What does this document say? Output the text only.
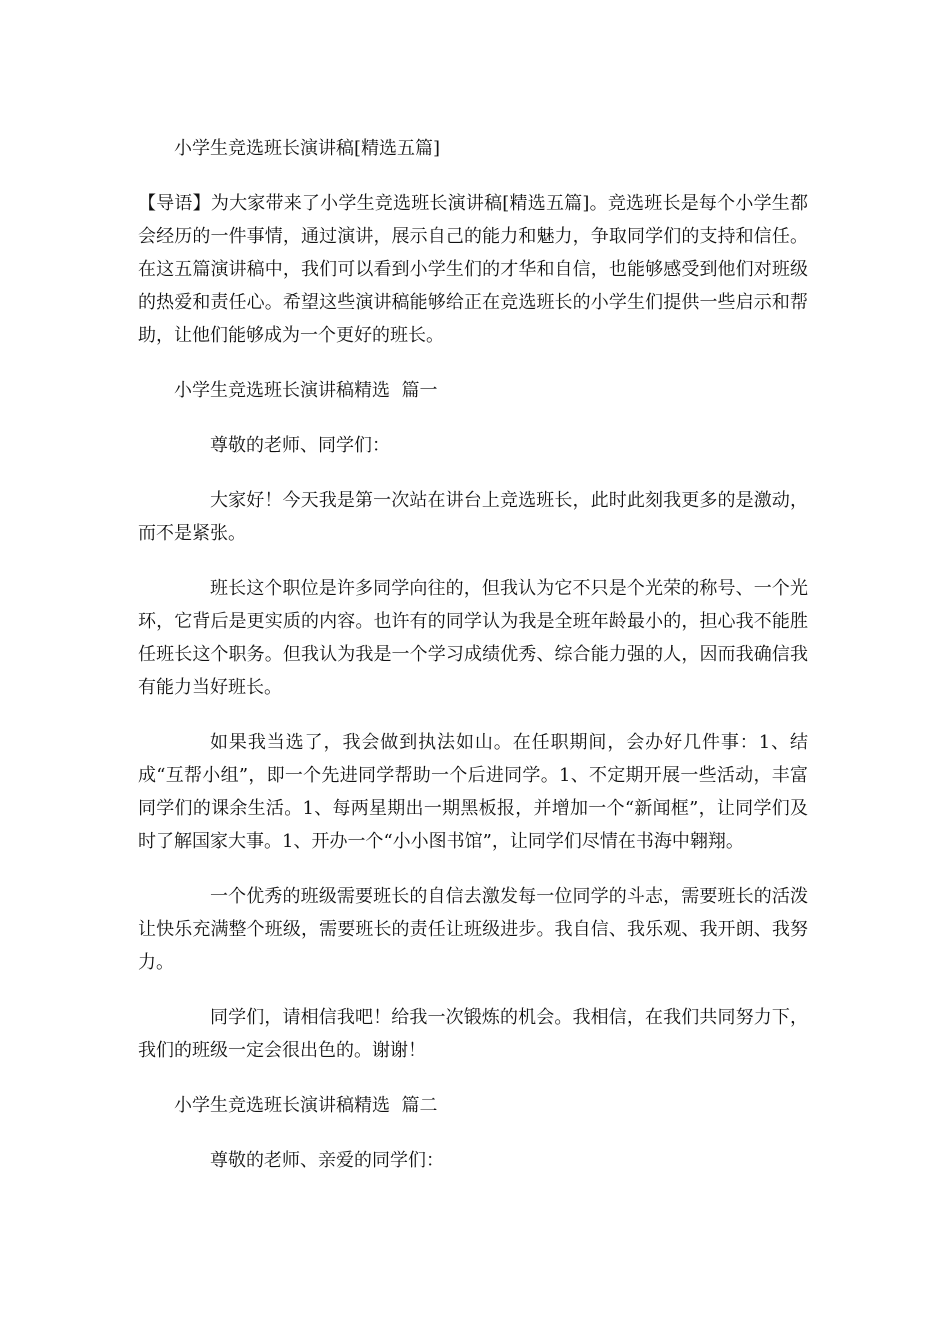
小学生竞选班长演讲稿[精选五篇]

【导语】为大家带来了小学生竞选班长演讲稿[精选五篇]。竞选班长是每个小学生都会经历的一件事情，通过演讲，展示自己的能力和魅力，争取同学们的支持和信任。在这五篇演讲稿中，我们可以看到小学生们的才华和自信，也能够感受到他们对班级的热爱和责任心。希望这些演讲稿能够给正在竞选班长的小学生们提供一些启示和帮助，让他们能够成为一个更好的班长。

小学生竞选班长演讲稿精选  篇一

尊敬的老师、同学们：

大家好！今天我是第一次站在讲台上竞选班长，此时此刻我更多的是激动，而不是紧张。

班长这个职位是许多同学向往的，但我认为它不只是个光荣的称号、一个光环，它背后是更实质的内容。也许有的同学认为我是全班年龄最小的，担心我不能胜任班长这个职务。但我认为我是一个学习成绩优秀、综合能力强的人，因而我确信我有能力当好班长。

如果我当选了，我会做到执法如山。在任职期间，会办好几件事：1、结成“互帮小组”，即一个先进同学帮助一个后进同学。1、不定期开展一些活动，丰富同学们的课余生活。1、每两星期出一期黑板报，并增加一个“新闻框”，让同学们及时了解国家大事。1、开办一个“小小图书馆”，让同学们尽情在书海中翱翔。

一个优秀的班级需要班长的自信去激发每一位同学的斗志，需要班长的活泼让快乐充满整个班级，需要班长的责任让班级进步。我自信、我乐观、我开朗、我努力。

同学们，请相信我吧！给我一次锻炼的机会。我相信，在我们共同努力下，我们的班级一定会很出色的。谢谢！

小学生竞选班长演讲稿精选  篇二

尊敬的老师、亲爱的同学们：
